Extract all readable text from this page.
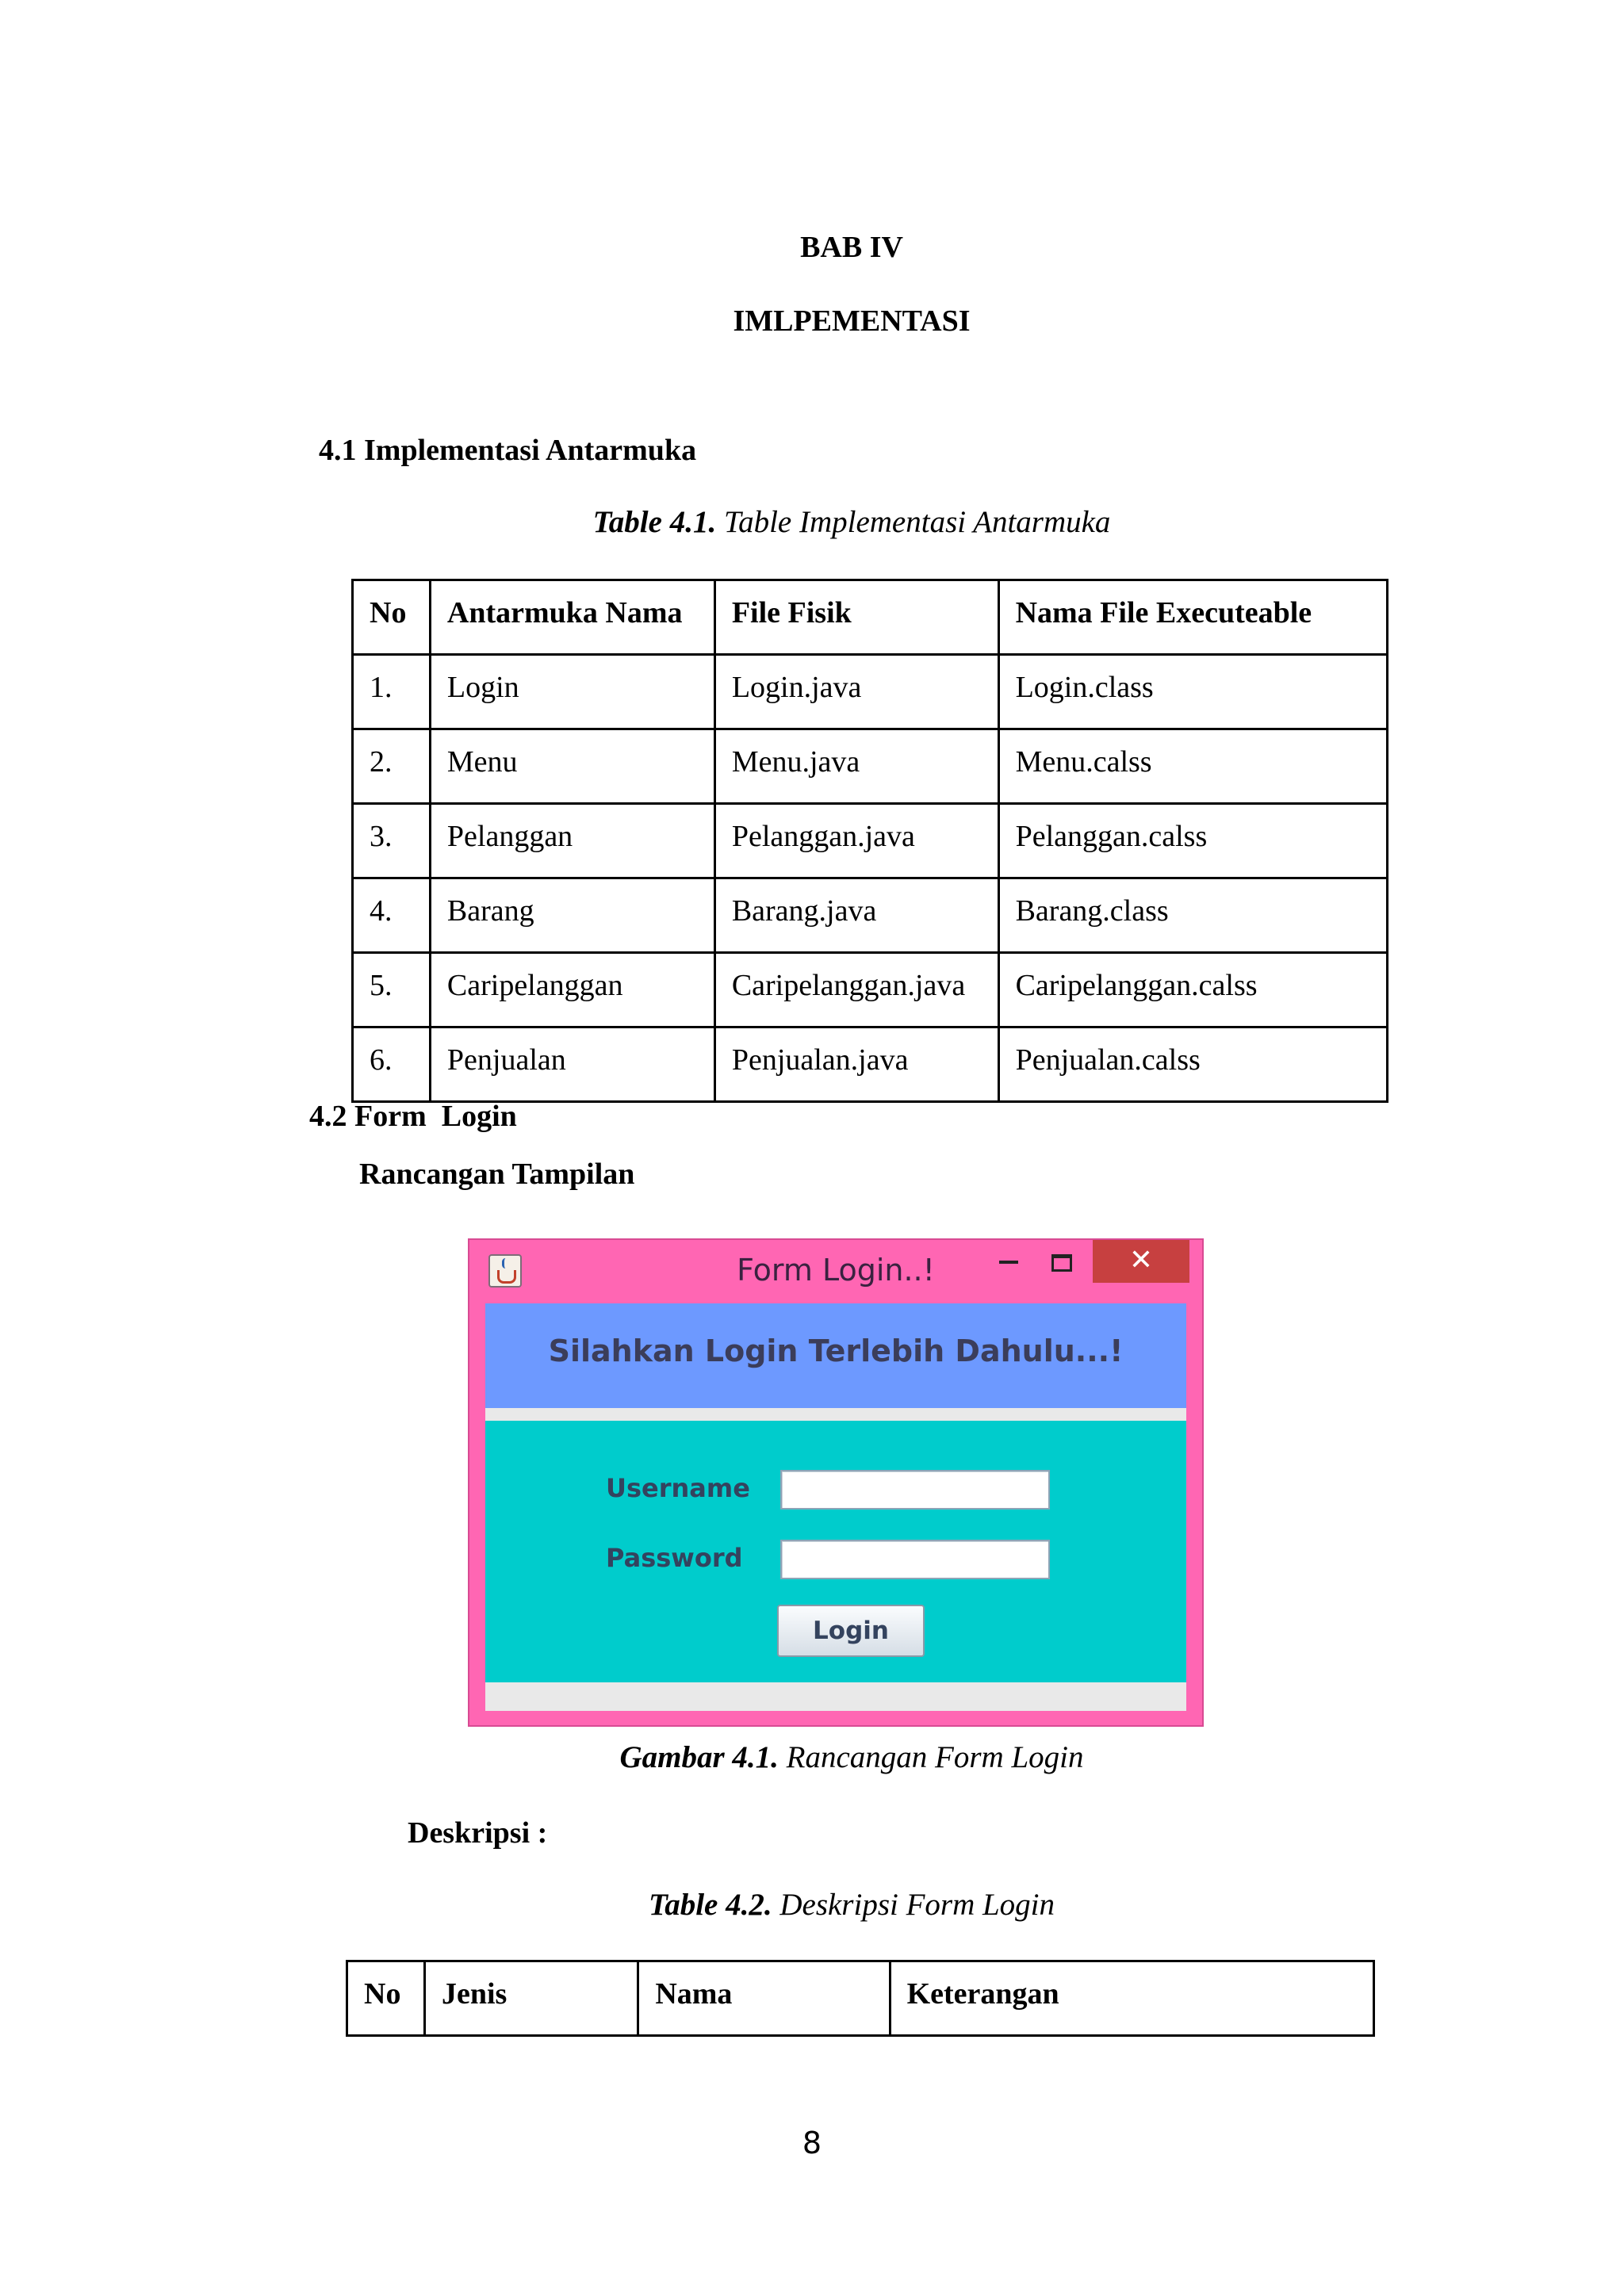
BAB IV
IMLPEMENTASI
4.1 Implementasi Antarmuka
Table 4.1. Table Implementasi Antarmuka
No	Antarmuka Nama	File Fisik	Nama File Executeable
1.	Login	Login.java	Login.class
2.	Menu	Menu.java	Menu.calss
3.	Pelanggan	Pelanggan.java	Pelanggan.calss
4.	Barang	Barang.java	Barang.class
5.	Caripelanggan	Caripelanggan.java	Caripelanggan.calss
6.	Penjualan	Penjualan.java	Penjualan.calss
4.2 Form  Login
Rancangan Tampilan
Form Login..!	✕
Silahkan Login Terlebih Dahulu...!
Username
Password
Login
Gambar 4.1. Rancangan Form Login
Deskripsi :
Table 4.2. Deskripsi Form Login
No	Jenis	Nama	Keterangan
8
